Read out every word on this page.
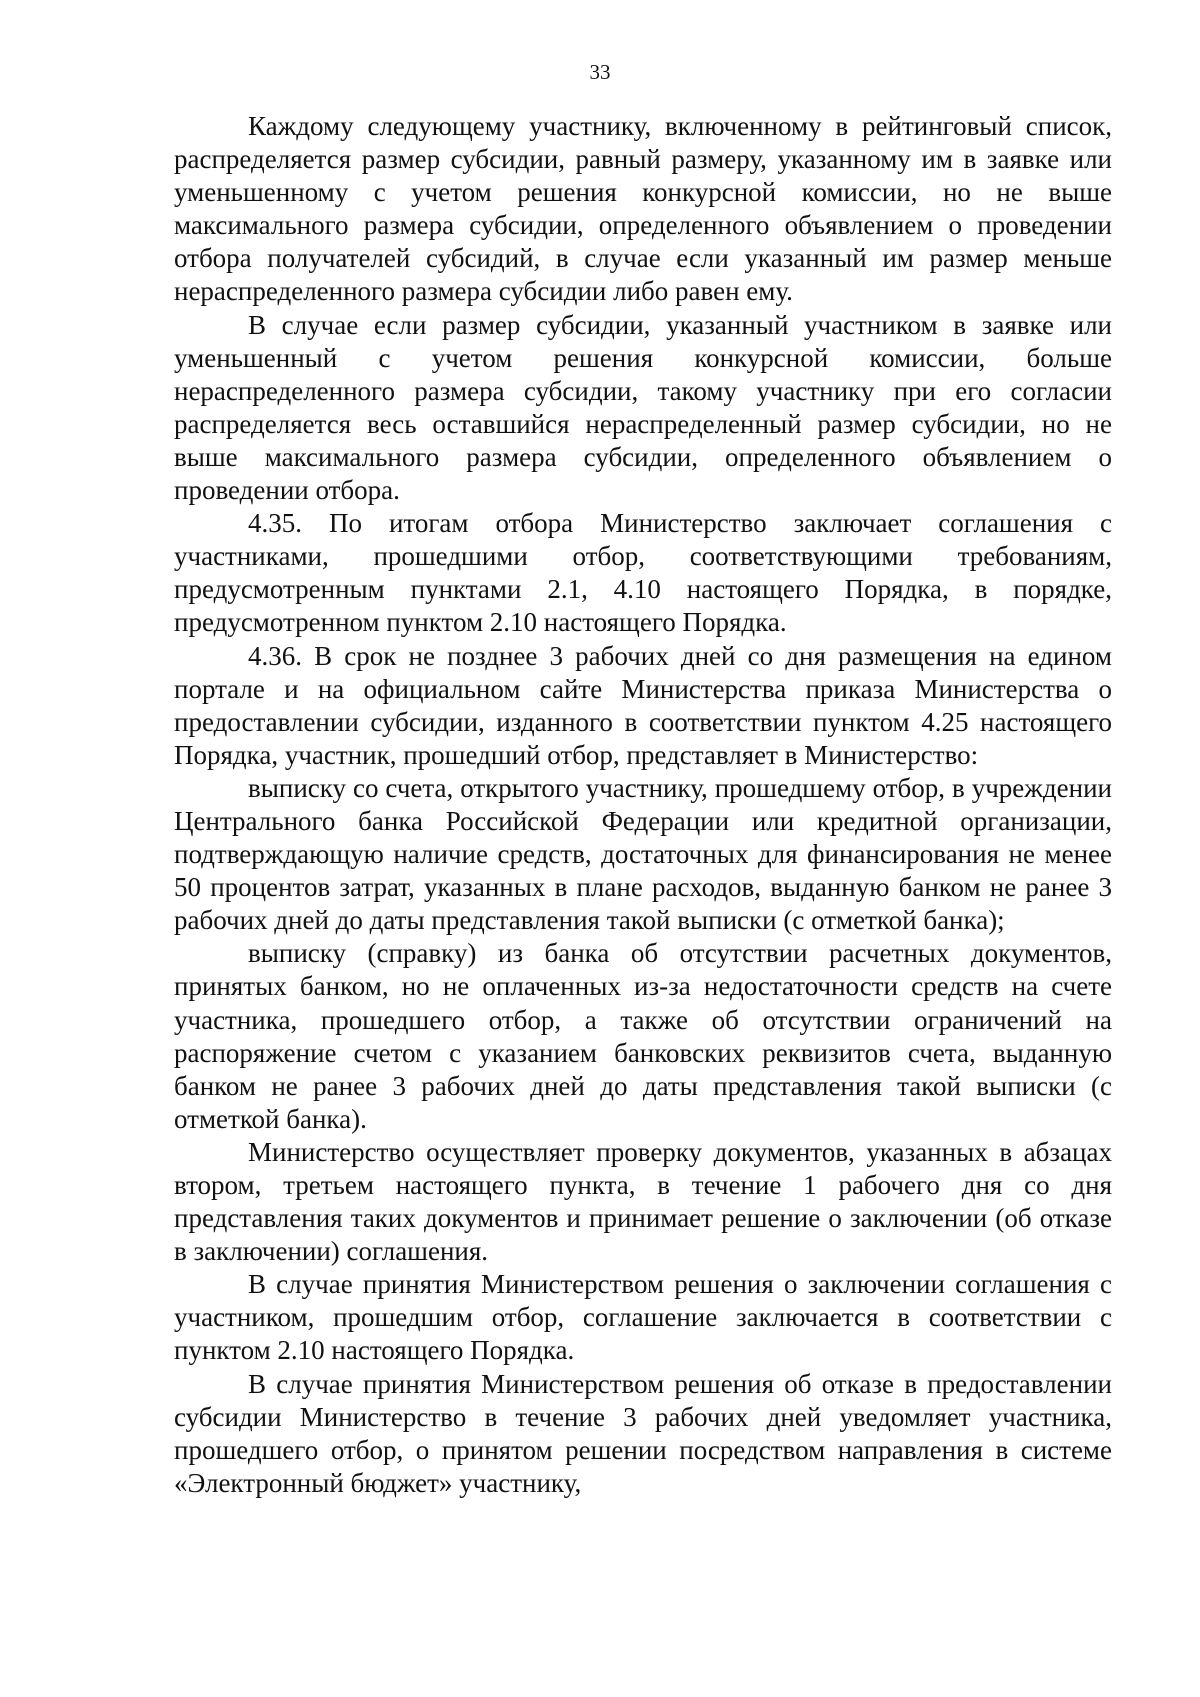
33

Каждому следующему участнику, включенному в рейтинговый список, распределяется размер субсидии, равный размеру, указанному им в заявке или уменьшенному с учетом решения конкурсной комиссии, но не выше максимального размера субсидии, определенного объявлением о проведении отбора получателей субсидий, в случае если указанный им размер меньше нераспределенного размера субсидии либо равен ему.

В случае если размер субсидии, указанный участником в заявке или уменьшенный с учетом решения конкурсной комиссии, больше нераспределенного размера субсидии, такому участнику при его согласии распределяется весь оставшийся нераспределенный размер субсидии, но не выше максимального размера субсидии, определенного объявлением о проведении отбора.

4.35. По итогам отбора Министерство заключает соглашения с участниками, прошедшими отбор, соответствующими требованиям, предусмотренным пунктами 2.1, 4.10 настоящего Порядка, в порядке, предусмотренном пунктом 2.10 настоящего Порядка.

4.36. В срок не позднее 3 рабочих дней со дня размещения на едином портале и на официальном сайте Министерства приказа Министерства о предоставлении субсидии, изданного в соответствии пунктом 4.25 настоящего Порядка, участник, прошедший отбор, представляет в Министерство:

выписку со счета, открытого участнику, прошедшему отбор, в учреждении Центрального банка Российской Федерации или кредитной организации, подтверждающую наличие средств, достаточных для финансирования не менее 50 процентов затрат, указанных в плане расходов, выданную банком не ранее 3 рабочих дней до даты представления такой выписки (с отметкой банка);

выписку (справку) из банка об отсутствии расчетных документов, принятых банком, но не оплаченных из-за недостаточности средств на счете участника, прошедшего отбор, а также об отсутствии ограничений на распоряжение счетом с указанием банковских реквизитов счета, выданную банком не ранее 3 рабочих дней до даты представления такой выписки (с отметкой банка).

Министерство осуществляет проверку документов, указанных в абзацах втором, третьем настоящего пункта, в течение 1 рабочего дня со дня представления таких документов и принимает решение о заключении (об отказе в заключении) соглашения.

В случае принятия Министерством решения о заключении соглашения с участником, прошедшим отбор, соглашение заключается в соответствии с пунктом 2.10 настоящего Порядка.

В случае принятия Министерством решения об отказе в предоставлении субсидии Министерство в течение 3 рабочих дней уведомляет участника, прошедшего отбор, о принятом решении посредством направления в системе «Электронный бюджет» участнику,
